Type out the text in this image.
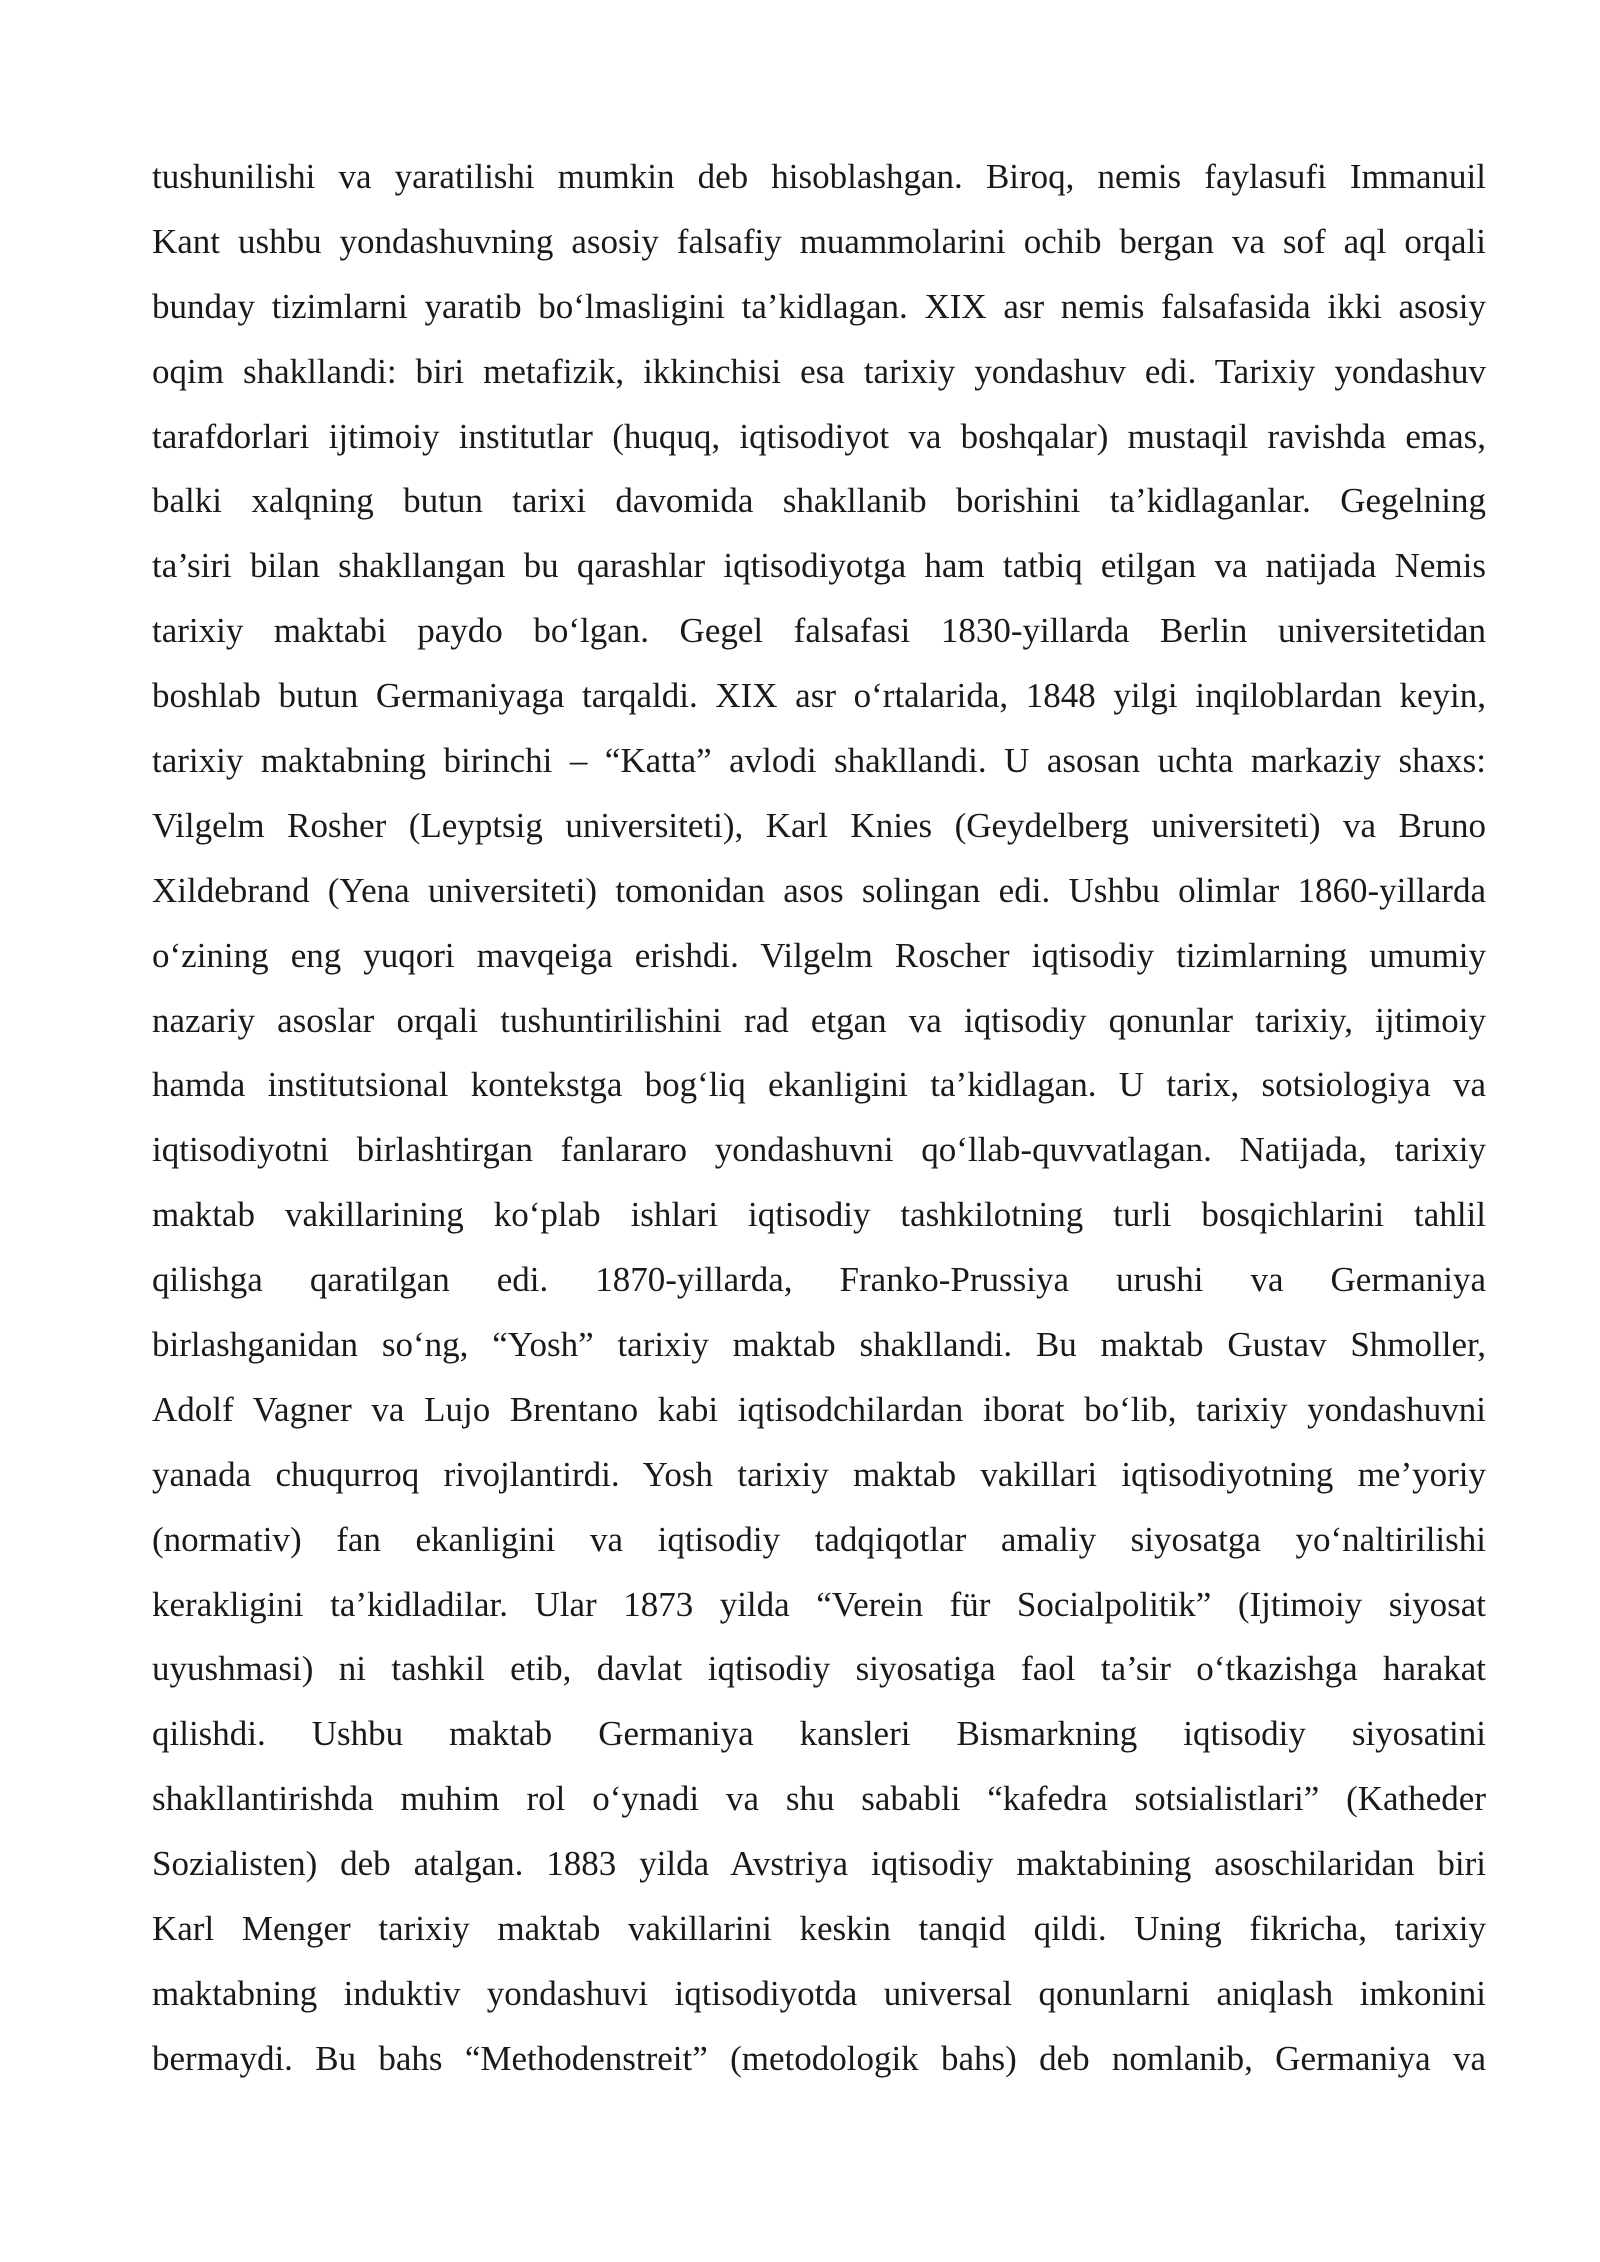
tushunilishi va yaratilishi mumkin deb hisoblashgan. Biroq, nemis faylasufi Immanuil
Kant ushbu yondashuvning asosiy falsafiy muammolarini ochib bergan va sof aql orqali
bunday tizimlarni yaratib bo‘lmasligini ta’kidlagan. XIX asr nemis falsafasida ikki asosiy
oqim shakllandi: biri metafizik, ikkinchisi esa tarixiy yondashuv edi. Tarixiy yondashuv
tarafdorlari ijtimoiy institutlar (huquq, iqtisodiyot va boshqalar) mustaqil ravishda emas,
balki xalqning butun tarixi davomida shakllanib borishini ta’kidlaganlar. Gegelning
ta’siri bilan shakllangan bu qarashlar iqtisodiyotga ham tatbiq etilgan va natijada Nemis
tarixiy maktabi paydo bo‘lgan. Gegel falsafasi 1830-yillarda Berlin universitetidan
boshlab butun Germaniyaga tarqaldi. XIX asr o‘rtalarida, 1848 yilgi inqiloblardan keyin,
tarixiy maktabning birinchi – “Katta” avlodi shakllandi. U asosan uchta markaziy shaxs:
Vilgelm Rosher (Leyptsig universiteti), Karl Knies (Geydelberg universiteti) va Bruno
Xildebrand (Yena universiteti) tomonidan asos solingan edi. Ushbu olimlar 1860-yillarda
o‘zining eng yuqori mavqeiga erishdi. Vilgelm Roscher iqtisodiy tizimlarning umumiy
nazariy asoslar orqali tushuntirilishini rad etgan va iqtisodiy qonunlar tarixiy, ijtimoiy
hamda institutsional kontekstga bog‘liq ekanligini ta’kidlagan. U tarix, sotsiologiya va
iqtisodiyotni birlashtirgan fanlararo yondashuvni qo‘llab-quvvatlagan. Natijada, tarixiy
maktab vakillarining ko‘plab ishlari iqtisodiy tashkilotning turli bosqichlarini tahlil
qilishga qaratilgan edi. 1870-yillarda, Franko-Prussiya urushi va Germaniya
birlashganidan so‘ng, “Yosh” tarixiy maktab shakllandi. Bu maktab Gustav Shmoller,
Adolf Vagner va Lujo Brentano kabi iqtisodchilardan iborat bo‘lib, tarixiy yondashuvni
yanada chuqurroq rivojlantirdi. Yosh tarixiy maktab vakillari iqtisodiyotning me’yoriy
(normativ) fan ekanligini va iqtisodiy tadqiqotlar amaliy siyosatga yo‘naltirilishi
kerakligini ta’kidladilar. Ular 1873 yilda “Verein für Socialpolitik” (Ijtimoiy siyosat
uyushmasi) ni tashkil etib, davlat iqtisodiy siyosatiga faol ta’sir o‘tkazishga harakat
qilishdi. Ushbu maktab Germaniya kansleri Bismarkning iqtisodiy siyosatini
shakllantirishda muhim rol o‘ynadi va shu sababli “kafedra sotsialistlari” (Katheder
Sozialisten) deb atalgan. 1883 yilda Avstriya iqtisodiy maktabining asoschilaridan biri
Karl Menger tarixiy maktab vakillarini keskin tanqid qildi. Uning fikricha, tarixiy
maktabning induktiv yondashuvi iqtisodiyotda universal qonunlarni aniqlash imkonini
bermaydi. Bu bahs “Methodenstreit” (metodologik bahs) deb nomlanib, Germaniya va
